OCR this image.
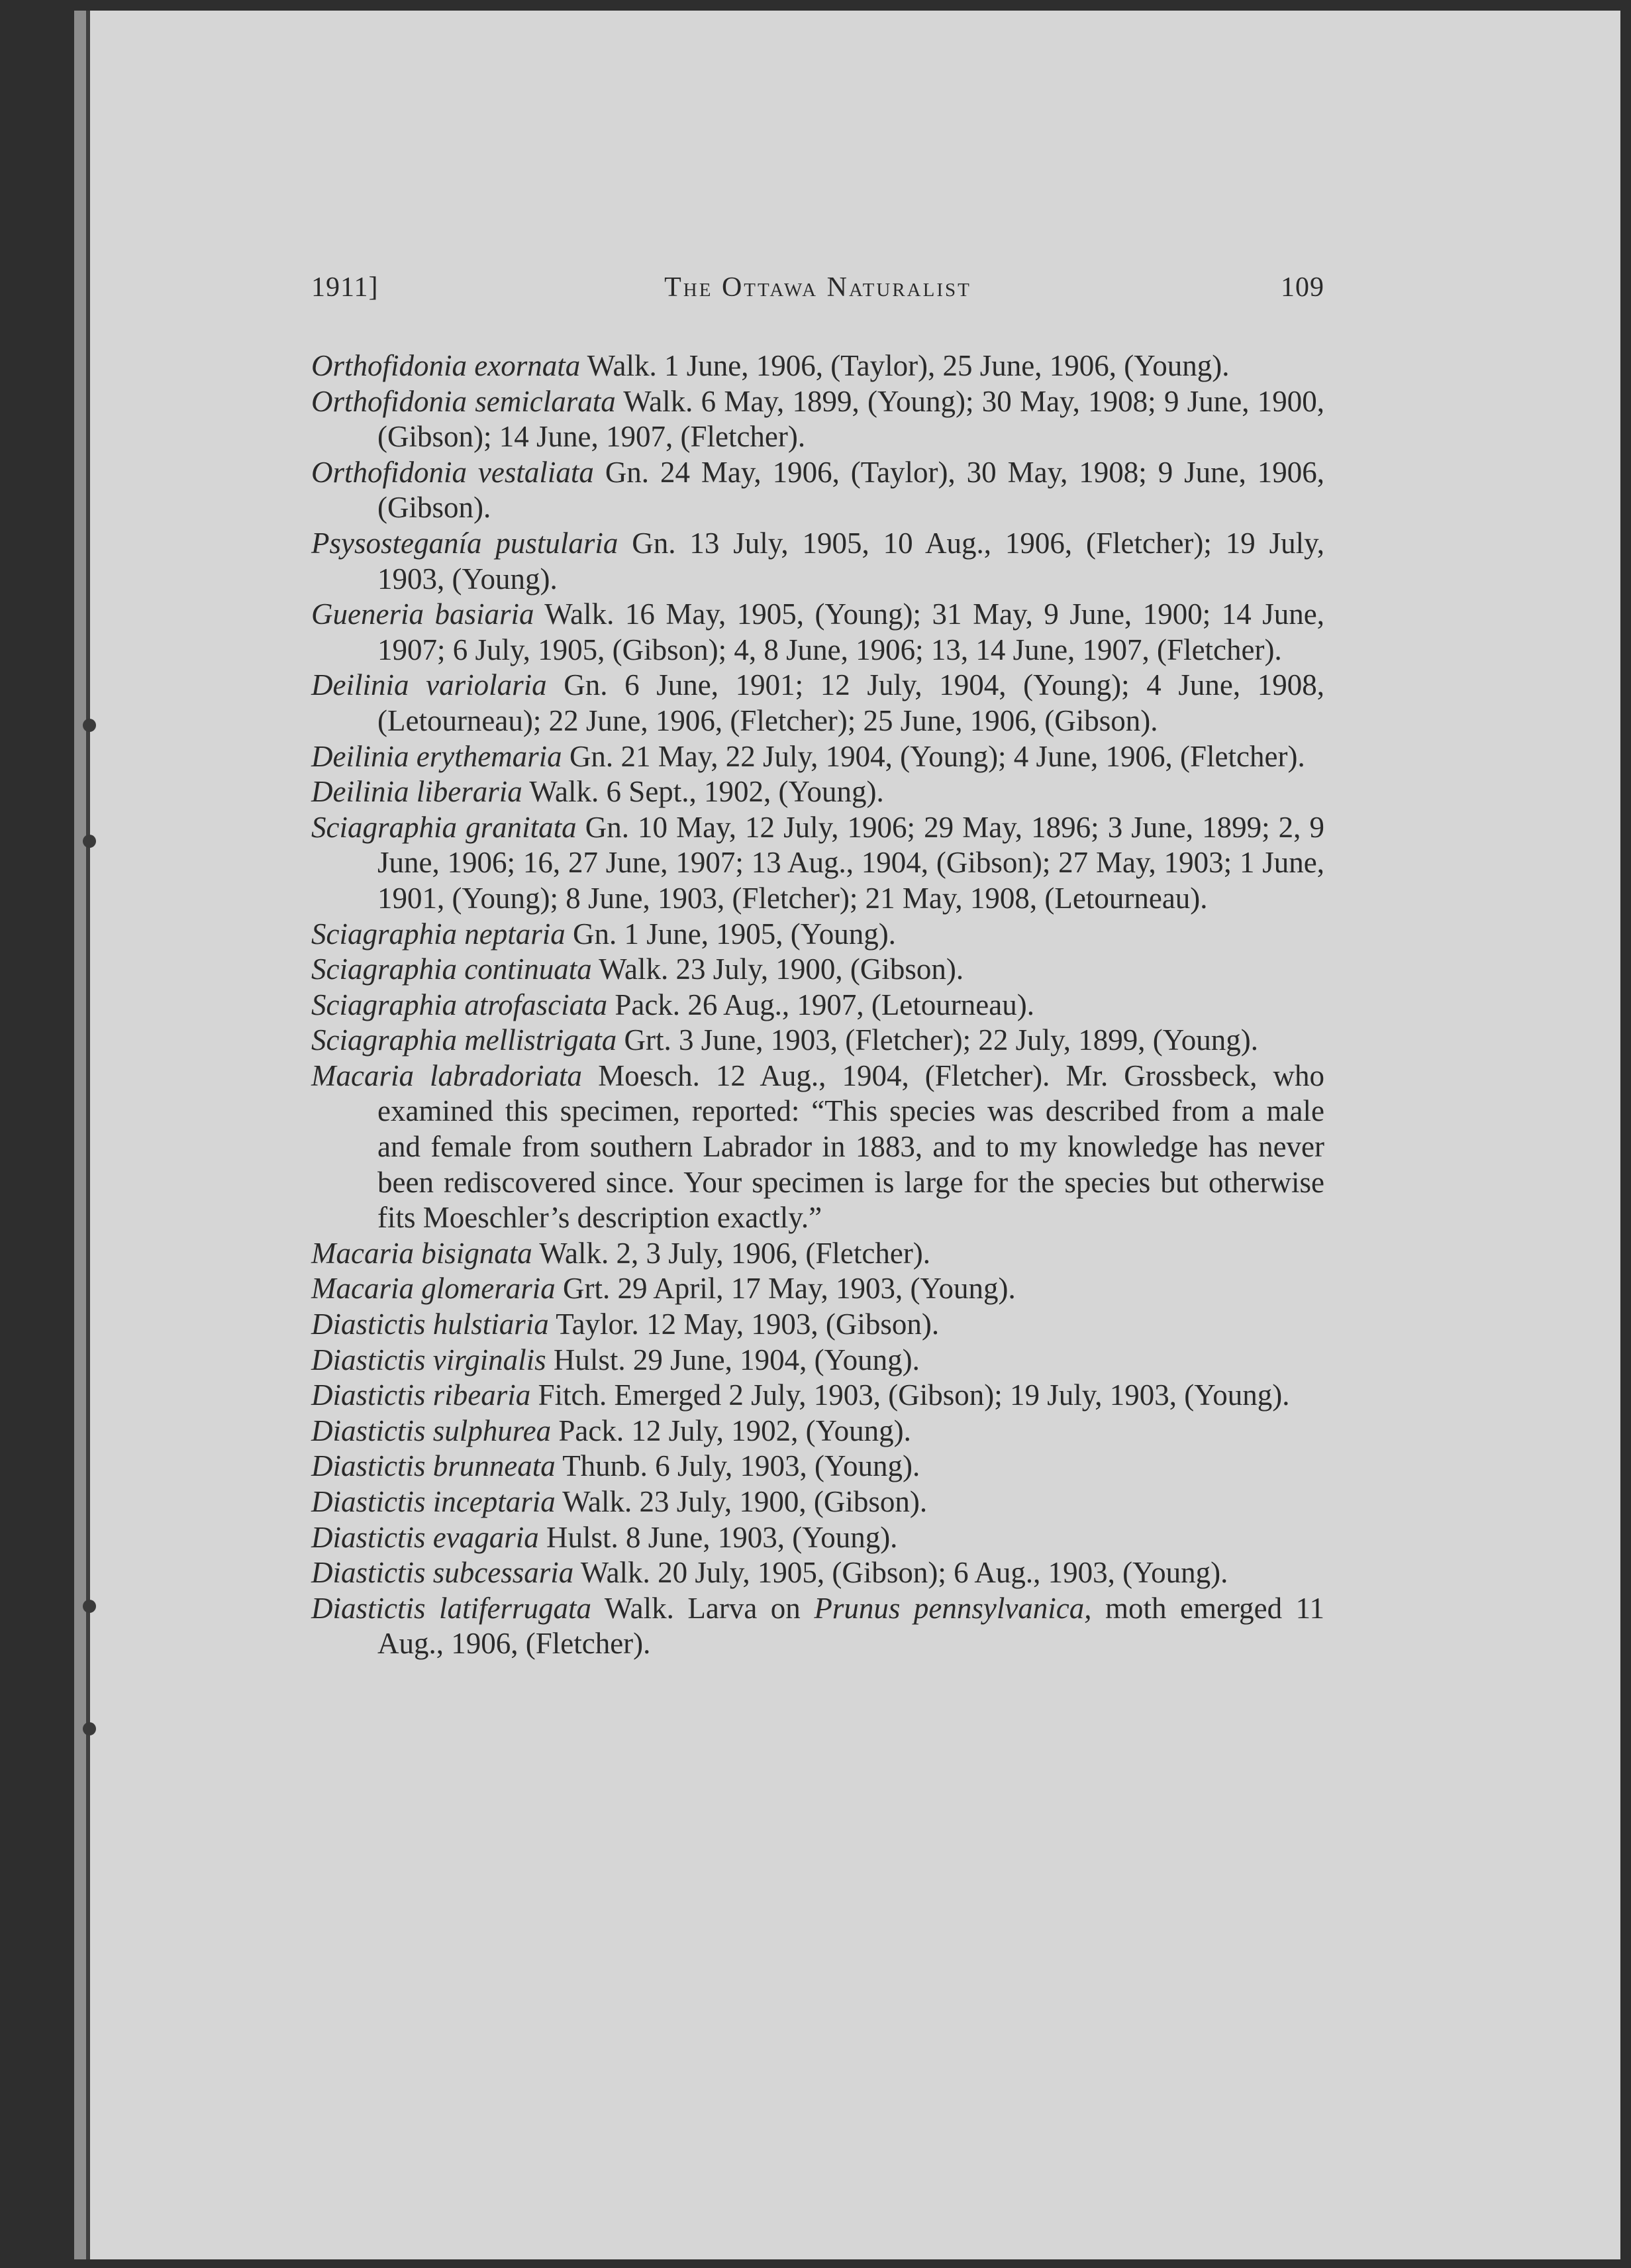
1911]	The Ottawa Naturalist	109

Orthofidonia exornata Walk. 1 June, 1906, (Taylor), 25 June, 1906, (Young).

Orthofidonia semiclarata Walk. 6 May, 1899, (Young); 30 May, 1908; 9 June, 1900, (Gibson); 14 June, 1907, (Fletcher).

Orthofidonia vestaliata Gn. 24 May, 1906, (Taylor), 30 May, 1908; 9 June, 1906, (Gibson).

Psysosteganía pustularia Gn. 13 July, 1905, 10 Aug., 1906, (Fletcher); 19 July, 1903, (Young).

Gueneria basiaria Walk. 16 May, 1905, (Young); 31 May, 9 June, 1900; 14 June, 1907; 6 July, 1905, (Gibson); 4, 8 June, 1906; 13, 14 June, 1907, (Fletcher).

Deilinia variolaria Gn. 6 June, 1901; 12 July, 1904, (Young); 4 June, 1908, (Letourneau); 22 June, 1906, (Fletcher); 25 June, 1906, (Gibson).

Deilinia erythemaria Gn. 21 May, 22 July, 1904, (Young); 4 June, 1906, (Fletcher).

Deilinia liberaria Walk. 6 Sept., 1902, (Young).

Sciagraphia granitata Gn. 10 May, 12 July, 1906; 29 May, 1896; 3 June, 1899; 2, 9 June, 1906; 16, 27 June, 1907; 13 Aug., 1904, (Gibson); 27 May, 1903; 1 June, 1901, (Young); 8 June, 1903, (Fletcher); 21 May, 1908, (Letourneau).

Sciagraphia neptaria Gn. 1 June, 1905, (Young).

Sciagraphia continuata Walk. 23 July, 1900, (Gibson).

Sciagraphia atrofasciata Pack. 26 Aug., 1907, (Letourneau).

Sciagraphia mellistrigata Grt. 3 June, 1903, (Fletcher); 22 July, 1899, (Young).

Macaria labradoriata Moesch. 12 Aug., 1904, (Fletcher). Mr. Grossbeck, who examined this specimen, reported: “This species was described from a male and female from southern Labrador in 1883, and to my knowledge has never been rediscovered since. Your specimen is large for the species but otherwise fits Moeschler’s description exactly.”

Macaria bisignata Walk. 2, 3 July, 1906, (Fletcher).

Macaria glomeraria Grt. 29 April, 17 May, 1903, (Young).

Diastictis hulstiaria Taylor. 12 May, 1903, (Gibson).

Diastictis virginalis Hulst. 29 June, 1904, (Young).

Diastictis ribearia Fitch. Emerged 2 July, 1903, (Gibson); 19 July, 1903, (Young).

Diastictis sulphurea Pack. 12 July, 1902, (Young).

Diastictis brunneata Thunb. 6 July, 1903, (Young).

Diastictis inceptaria Walk. 23 July, 1900, (Gibson).

Diastictis evagaria Hulst. 8 June, 1903, (Young).

Diastictis subcessaria Walk. 20 July, 1905, (Gibson); 6 Aug., 1903, (Young).

Diastictis latiferrugata Walk. Larva on Prunus pennsylvanica, moth emerged 11 Aug., 1906, (Fletcher).
